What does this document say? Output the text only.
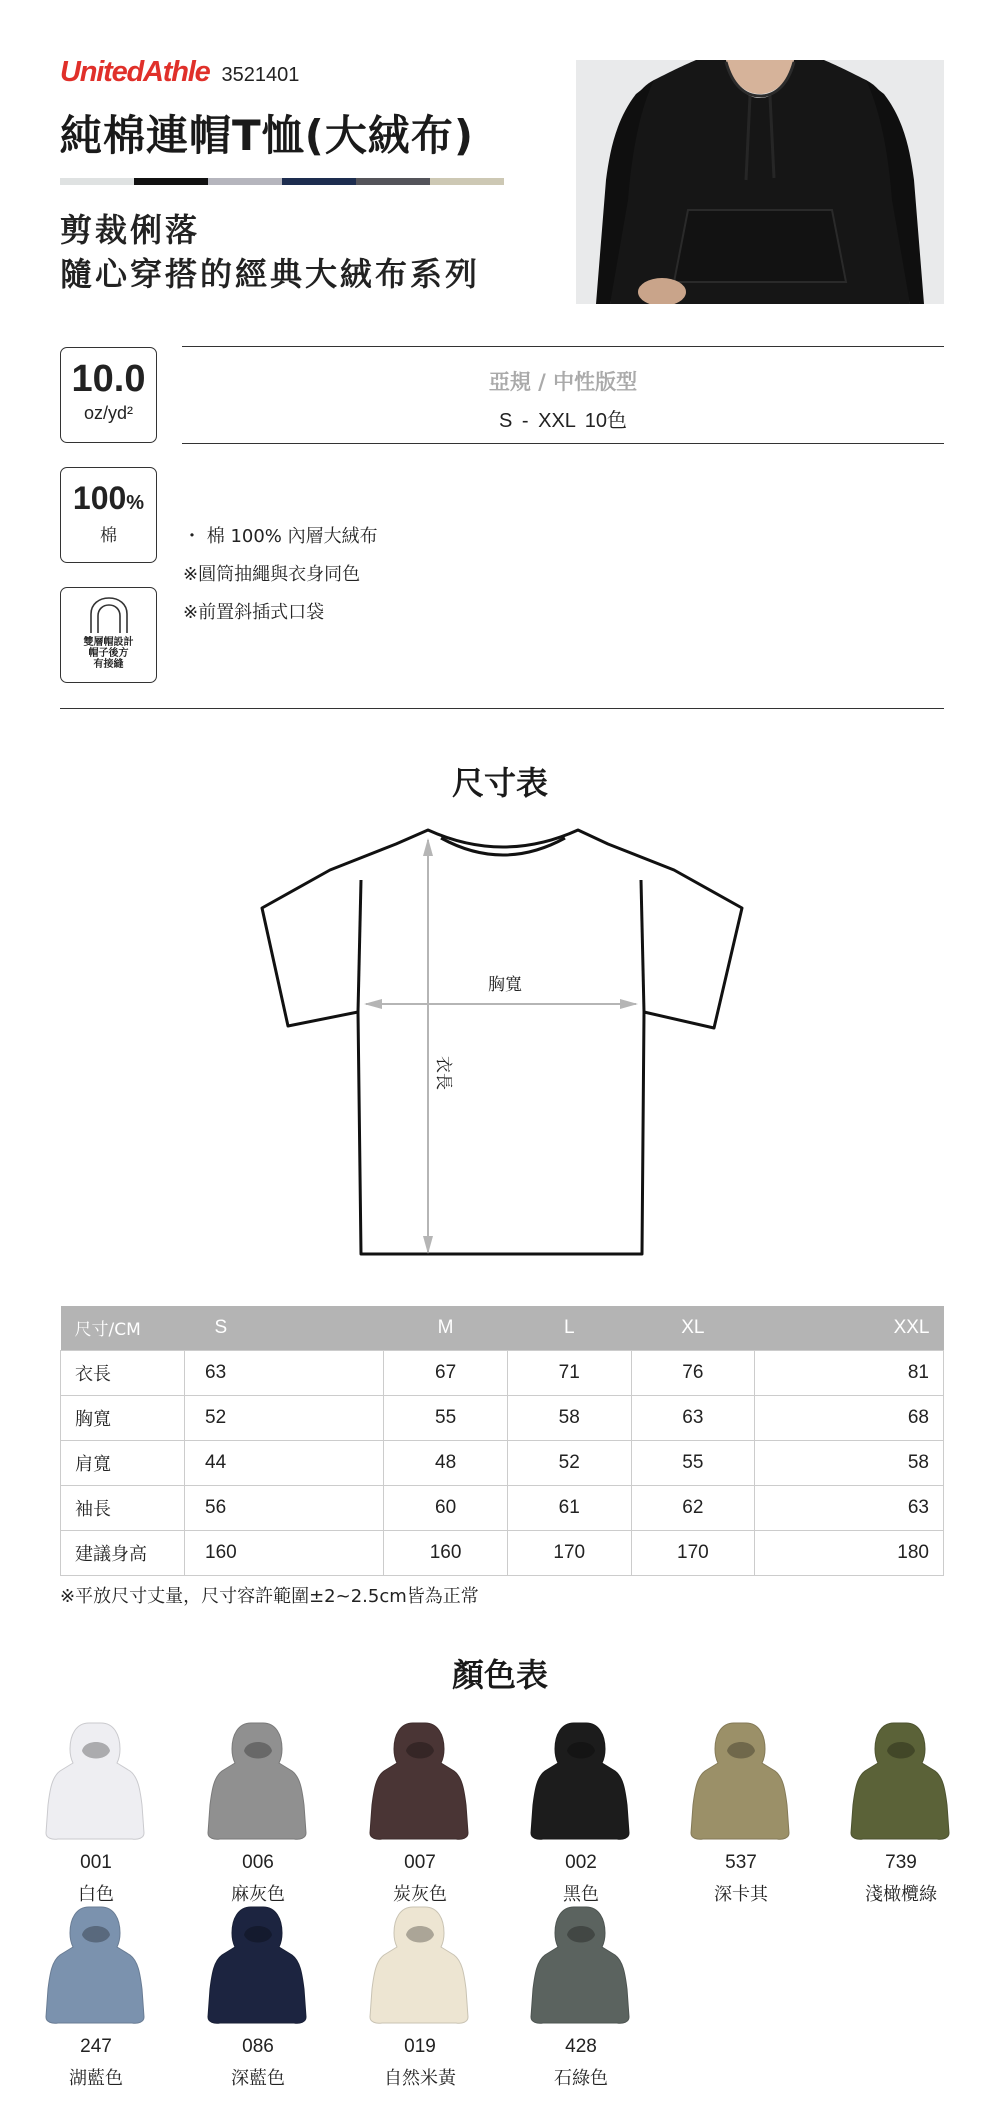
UnitedAthle 3521401
純棉連帽T恤(大絨布)
剪裁俐落
隨心穿搭的經典大絨布系列
10.0
oz/yd²
100%
棉
雙層帽設計
帽子後方
有接縫
亞規 / 中性版型
S - XXL 10色
・ 棉 100% 內層大絨布
※圓筒抽繩與衣身同色
※前置斜插式口袋
尺寸表
胸寬
衣長
尺寸/CM	S	M	L	XL	XXL
衣長	63	67	71	76	81
胸寬	52	55	58	63	68
肩寬	44	48	52	55	58
袖長	56	60	61	62	63
建議身高	160	160	170	170	180
※平放尺寸丈量，尺寸容許範圍±2~2.5cm皆為正常
顏色表
001
白色
006
麻灰色
007
炭灰色
002
黑色
537
深卡其
739
淺橄欖綠
247
湖藍色
086
深藍色
019
自然米黃
428
石綠色
